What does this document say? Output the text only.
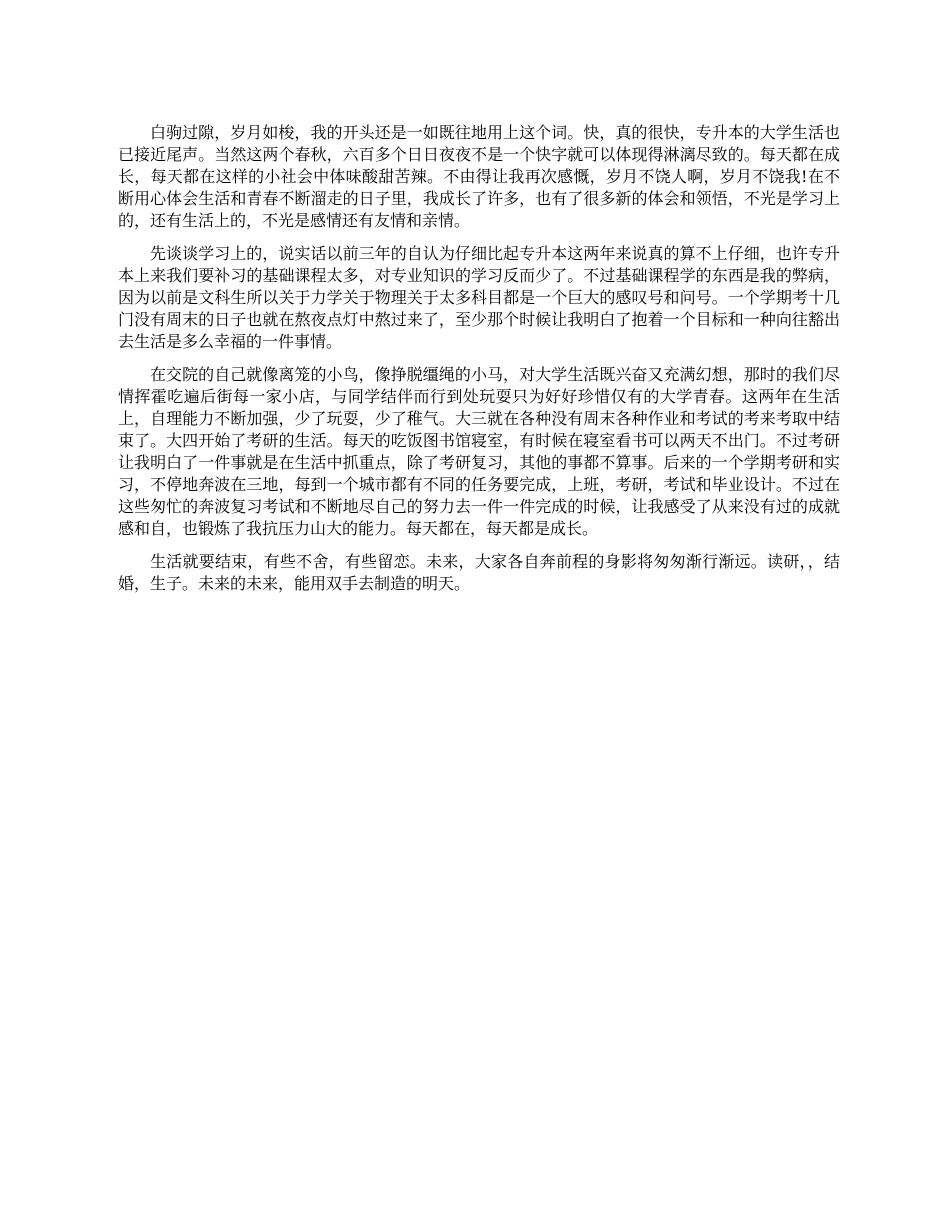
白驹过隙，岁月如梭，我的开头还是一如既往地用上这个词。快，真的很快，专升本的大学生活也已接近尾声。当然这两个春秋，六百多个日日夜夜不是一个快字就可以体现得淋漓尽致的。每天都在成长，每天都在这样的小社会中体味酸甜苦辣。不由得让我再次感慨，岁月不饶人啊，岁月不饶我!在不断用心体会生活和青春不断溜走的日子里，我成长了许多，也有了很多新的体会和领悟，不光是学习上的，还有生活上的，不光是感情还有友情和亲情。

先谈谈学习上的，说实话以前三年的自认为仔细比起专升本这两年来说真的算不上仔细，也许专升本上来我们要补习的基础课程太多，对专业知识的学习反而少了。不过基础课程学的东西是我的弊病，因为以前是文科生所以关于力学关于物理关于太多科目都是一个巨大的感叹号和问号。一个学期考十几门没有周末的日子也就在熬夜点灯中熬过来了，至少那个时候让我明白了抱着一个目标和一种向往豁出去生活是多么幸福的一件事情。

在交院的自己就像离笼的小鸟，像挣脱缰绳的小马，对大学生活既兴奋又充满幻想，那时的我们尽情挥霍吃遍后街每一家小店，与同学结伴而行到处玩耍只为好好珍惜仅有的大学青春。这两年在生活上，自理能力不断加强，少了玩耍，少了稚气。大三就在各种没有周末各种作业和考试的考来考取中结束了。大四开始了考研的生活。每天的吃饭图书馆寝室，有时候在寝室看书可以两天不出门。不过考研让我明白了一件事就是在生活中抓重点，除了考研复习，其他的事都不算事。后来的一个学期考研和实习，不停地奔波在三地，每到一个城市都有不同的任务要完成，上班，考研，考试和毕业设计。不过在这些匆忙的奔波复习考试和不断地尽自己的努力去一件一件完成的时候，让我感受了从来没有过的成就感和自，也锻炼了我抗压力山大的能力。每天都在，每天都是成长。

生活就要结束，有些不舍，有些留恋。未来，大家各自奔前程的身影将匆匆渐行渐远。读研，，结婚，生子。未来的未来，能用双手去制造的明天。
